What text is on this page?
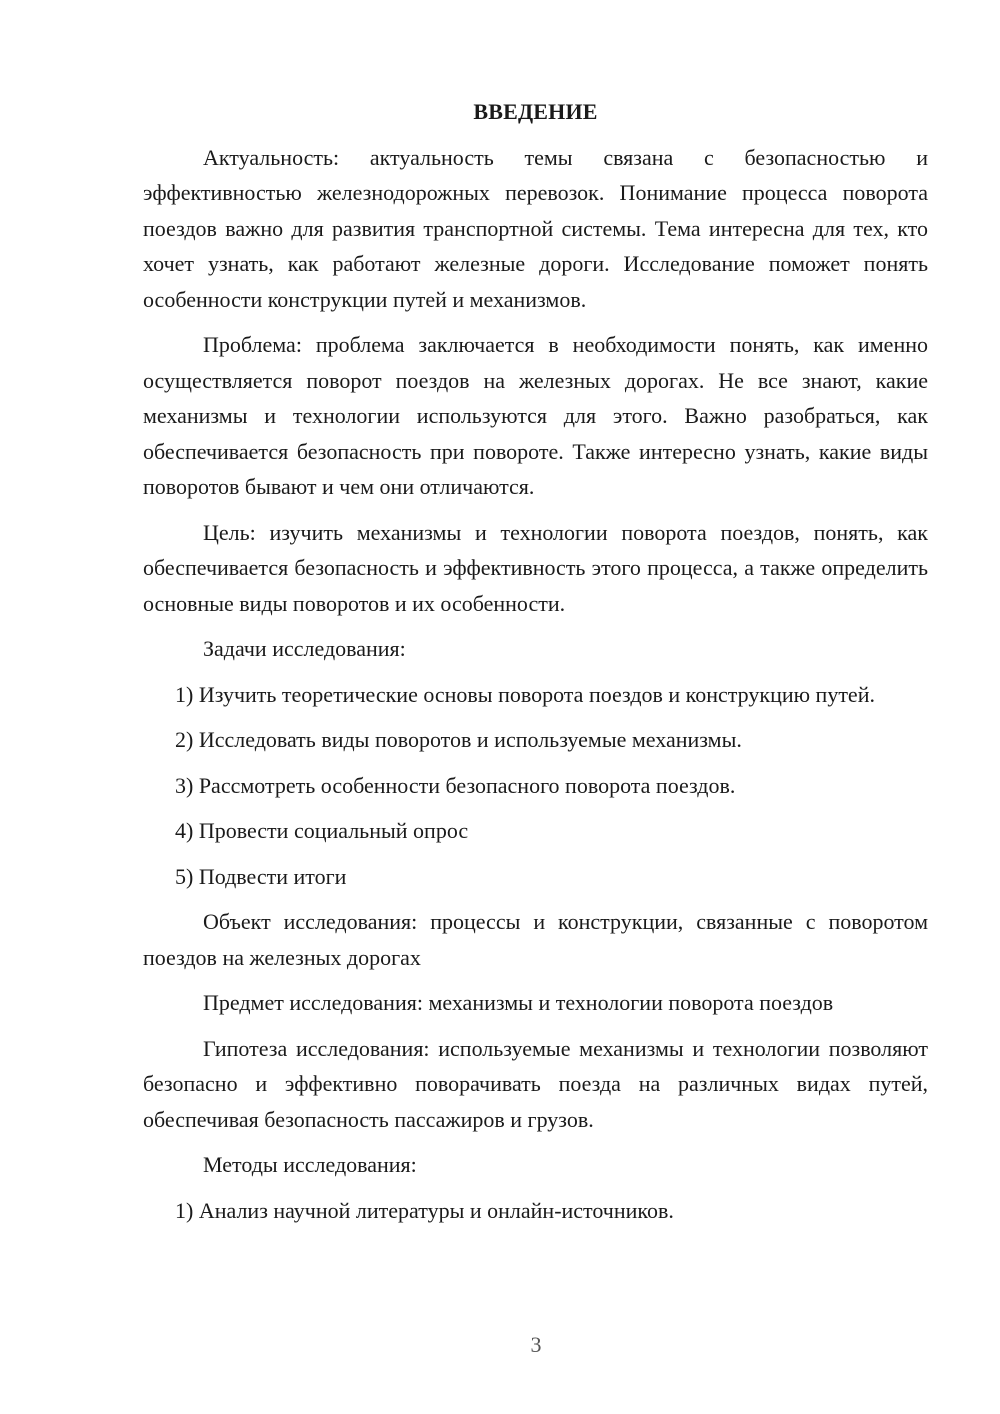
ВВЕДЕНИЕ

Актуальность: актуальность темы связана с безопасностью и эффективностью железнодорожных перевозок. Понимание процесса поворота поездов важно для развития транспортной системы. Тема интересна для тех, кто хочет узнать, как работают железные дороги. Исследование поможет понять особенности конструкции путей и механизмов.

Проблема: проблема заключается в необходимости понять, как именно осуществляется поворот поездов на железных дорогах. Не все знают, какие механизмы и технологии используются для этого. Важно разобраться, как обеспечивается безопасность при повороте. Также интересно узнать, какие виды поворотов бывают и чем они отличаются.

Цель: изучить механизмы и технологии поворота поездов, понять, как обеспечивается безопасность и эффективность этого процесса, а также определить основные виды поворотов и их особенности.

Задачи исследования:

1) Изучить теоретические основы поворота поездов и конструкцию путей.

2) Исследовать виды поворотов и используемые механизмы.

3) Рассмотреть особенности безопасного поворота поездов.

4) Провести социальный опрос

5) Подвести итоги

Объект исследования: процессы и конструкции, связанные с поворотом поездов на железных дорогах

Предмет исследования: механизмы и технологии поворота поездов

Гипотеза исследования: используемые механизмы и технологии позволяют безопасно и эффективно поворачивать поезда на различных видах путей, обеспечивая безопасность пассажиров и грузов.

Методы исследования:

1) Анализ научной литературы и онлайн-источников.

3
